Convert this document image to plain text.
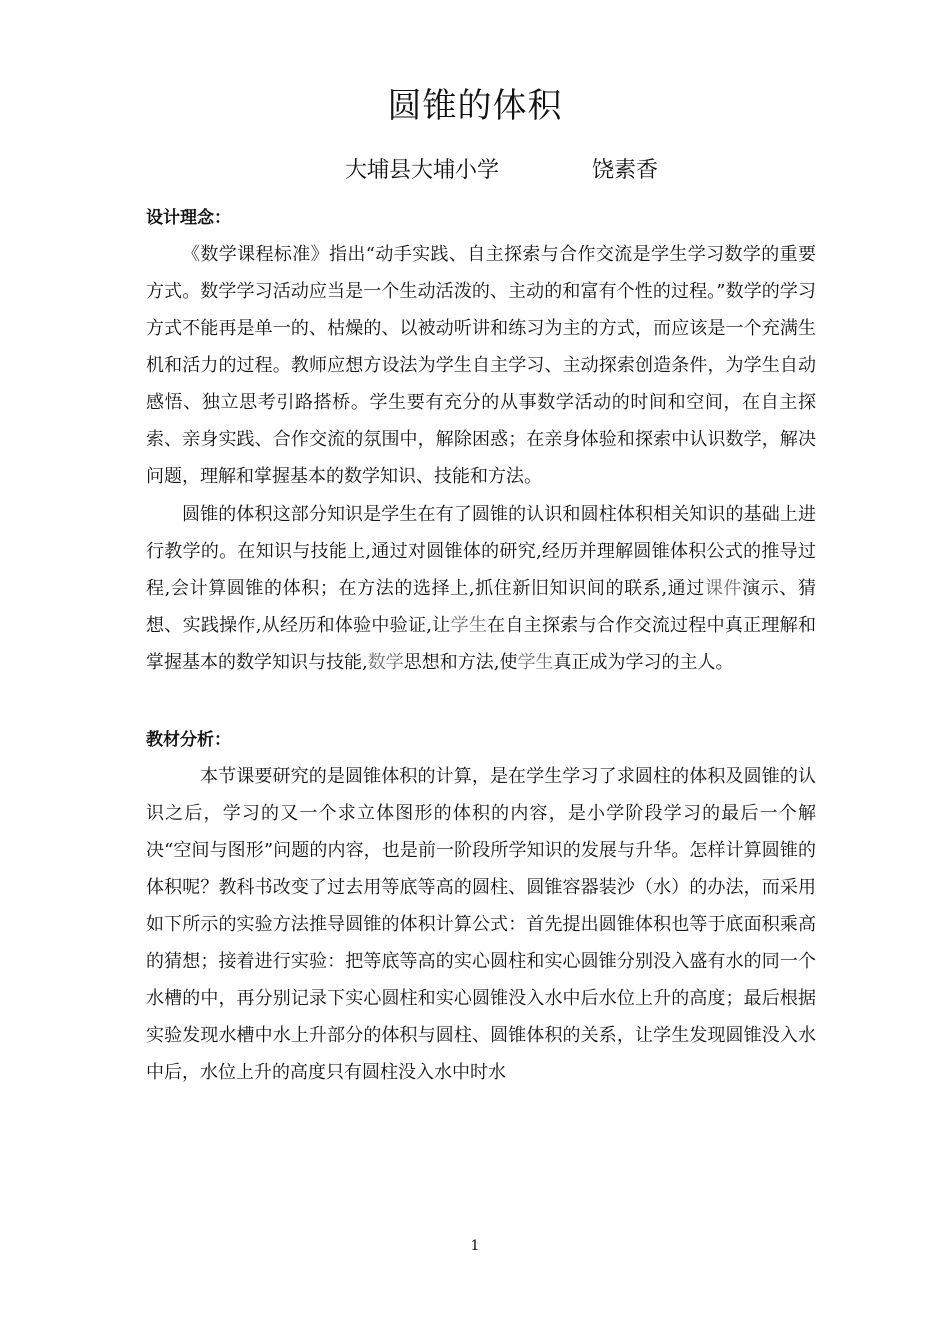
圆锥的体积
大埔县大埔小学	饶素香
设计理念：

《数学课程标准》指出“动手实践、自主探索与合作交流是学生学习数学的重要方式。数学学习活动应当是一个生动活泼的、主动的和富有个性的过程。”数学的学习方式不能再是单一的、枯燥的、以被动听讲和练习为主的方式，而应该是一个充满生机和活力的过程。教师应想方设法为学生自主学习、主动探索创造条件，为学生自动感悟、独立思考引路搭桥。学生要有充分的从事数学活动的时间和空间，在自主探索、亲身实践、合作交流的氛围中，解除困惑；在亲身体验和探索中认识数学，解决问题，理解和掌握基本的数学知识、技能和方法。

圆锥的体积这部分知识是学生在有了圆锥的认识和圆柱体积相关知识的基础上进行教学的。在知识与技能上,通过对圆锥体的研究,经历并理解圆锥体积公式的推导过程,会计算圆锥的体积；在方法的选择上,抓住新旧知识间的联系,通过课件演示、猜想、实践操作,从经历和体验中验证,让学生在自主探索与合作交流过程中真正理解和掌握基本的数学知识与技能,数学思想和方法,使学生真正成为学习的主人。

教材分析：

本节课要研究的是圆锥体积的计算，是在学生学习了求圆柱的体积及圆锥的认识之后，学习的又一个求立体图形的体积的内容，是小学阶段学习的最后一个解决“空间与图形”问题的内容，也是前一阶段所学知识的发展与升华。怎样计算圆锥的体积呢？教科书改变了过去用等底等高的圆柱、圆锥容器装沙（水）的办法，而采用如下所示的实验方法推导圆锥的体积计算公式：首先提出圆锥体积也等于底面积乘高的猜想；接着进行实验：把等底等高的实心圆柱和实心圆锥分别没入盛有水的同一个水槽的中，再分别记录下实心圆柱和实心圆锥没入水中后水位上升的高度；最后根据实验发现水槽中水上升部分的体积与圆柱、圆锥体积的关系，让学生发现圆锥没入水中后，水位上升的高度只有圆柱没入水中时水

1
